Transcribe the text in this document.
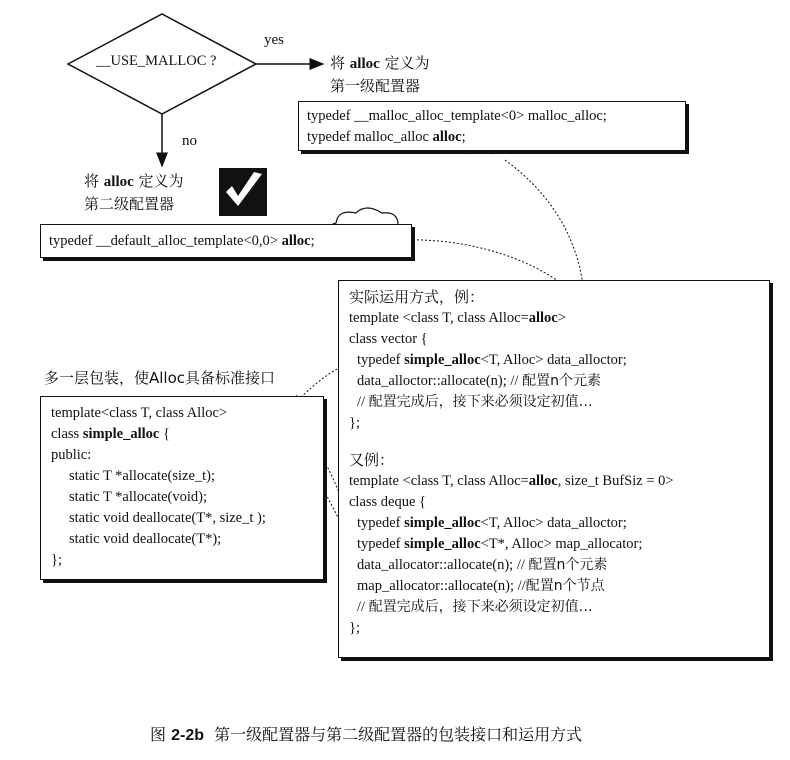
__USE_MALLOC ?
yes
no
将 alloc 定义为
第一级配置器
typedef __malloc_alloc_template<0> malloc_alloc;
typedef malloc_alloc alloc;
将 alloc 定义为
第二级配置器
typedef __default_alloc_template<0,0> alloc;
多一层包装，使Alloc具备标准接口
template<class T, class Alloc>
class simple_alloc {
public:
static T *allocate(size_t);
static T *allocate(void);
static void deallocate(T*, size_t );
static void deallocate(T*);
};
实际运用方式，例：
template <class T, class Alloc=alloc>
class vector {
typedef simple_alloc<T, Alloc> data_alloctor;
data_alloctor::allocate(n); // 配置n个元素
// 配置完成后，接下来必须设定初值…
};
又例：
template <class T, class Alloc=alloc, size_t BufSiz = 0>
class deque {
typedef simple_alloc<T, Alloc> data_alloctor;
typedef simple_alloc<T*, Alloc> map_allocator;
data_allocator::allocate(n); // 配置n个元素
map_allocator::allocate(n); //配置n个节点
// 配置完成后，接下来必须设定初值…
};
图 2-2b 第一级配置器与第二级配置器的包装接口和运用方式
